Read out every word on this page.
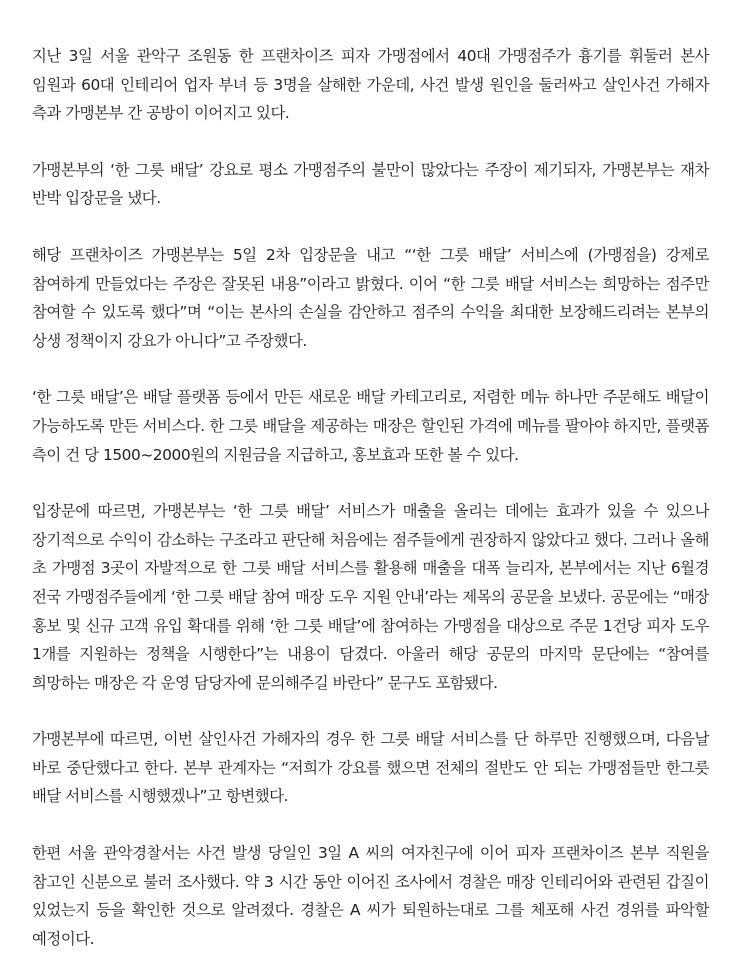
지난 3일 서울 관악구 조원동 한 프랜차이즈 피자 가맹점에서 40대 가맹점주가 흉기를 휘둘러 본사 임원과 60대 인테리어 업자 부녀 등 3명을 살해한 가운데, 사건 발생 원인을 둘러싸고 살인사건 가해자 측과 가맹본부 간 공방이 이어지고 있다.

가맹본부의 ‘한 그릇 배달’ 강요로 평소 가맹점주의 불만이 많았다는 주장이 제기되자, 가맹본부는 재차 반박 입장문을 냈다.

해당 프랜차이즈 가맹본부는 5일 2차 입장문을 내고 “‘한 그릇 배달’ 서비스에 (가맹점을) 강제로 참여하게 만들었다는 주장은 잘못된 내용”이라고 밝혔다. 이어 “한 그릇 배달 서비스는 희망하는 점주만 참여할 수 있도록 했다”며 “이는 본사의 손실을 감안하고 점주의 수익을 최대한 보장해드리려는 본부의 상생 정책이지 강요가 아니다”고 주장했다.

‘한 그릇 배달’은 배달 플랫폼 등에서 만든 새로운 배달 카테고리로, 저렴한 메뉴 하나만 주문해도 배달이 가능하도록 만든 서비스다. 한 그릇 배달을 제공하는 매장은 할인된 가격에 메뉴를 팔아야 하지만, 플랫폼 측이 건 당 1500~2000원의 지원금을 지급하고, 홍보효과 또한 볼 수 있다.

입장문에 따르면, 가맹본부는 ‘한 그릇 배달’ 서비스가 매출을 올리는 데에는 효과가 있을 수 있으나 장기적으로 수익이 감소하는 구조라고 판단해 처음에는 점주들에게 권장하지 않았다고 했다. 그러나 올해 초 가맹점 3곳이 자발적으로 한 그릇 배달 서비스를 활용해 매출을 대폭 늘리자, 본부에서는 지난 6월경 전국 가맹점주들에게 ‘한 그릇 배달 참여 매장 도우 지원 안내’라는 제목의 공문을 보냈다. 공문에는 “매장 홍보 및 신규 고객 유입 확대를 위해 ‘한 그릇 배달’에 참여하는 가맹점을 대상으로 주문 1건당 피자 도우 1개를 지원하는 정책을 시행한다”는 내용이 담겼다. 아울러 해당 공문의 마지막 문단에는 “참여를 희망하는 매장은 각 운영 담당자에 문의해주길 바란다” 문구도 포함됐다.

가맹본부에 따르면, 이번 살인사건 가해자의 경우 한 그릇 배달 서비스를 단 하루만 진행했으며, 다음날 바로 중단했다고 한다. 본부 관계자는 “저희가 강요를 했으면 전체의 절반도 안 되는 가맹점들만 한그릇 배달 서비스를 시행했겠나”고 항변했다.

한편 서울 관악경찰서는 사건 발생 당일인 3일 A 씨의 여자친구에 이어 피자 프랜차이즈 본부 직원을 참고인 신분으로 불러 조사했다. 약 3 시간 동안 이어진 조사에서 경찰은 매장 인테리어와 관련된 갑질이 있었는지 등을 확인한 것으로 알려졌다. 경찰은 A 씨가 퇴원하는대로 그를 체포해 사건 경위를 파악할 예정이다.
